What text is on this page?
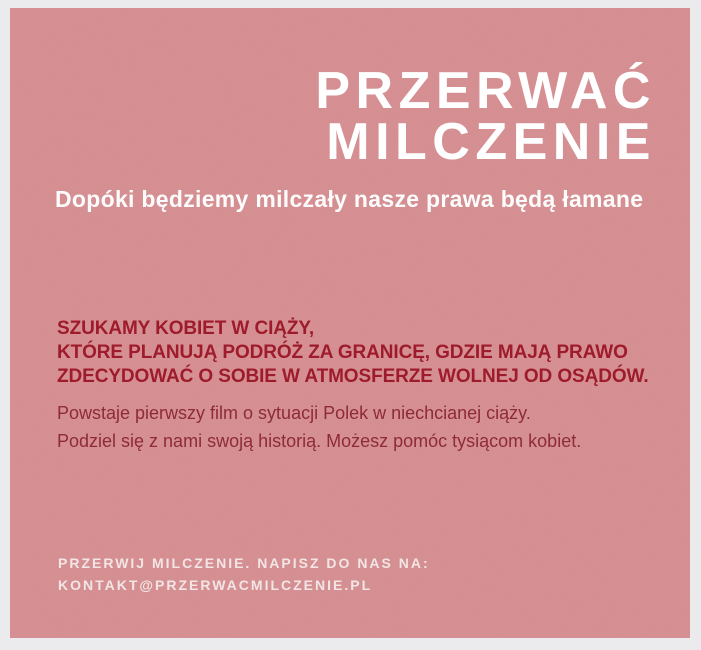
PRZERWAĆ
MILCZENIE

Dopóki będziemy milczały nasze prawa będą łamane

SZUKAMY KOBIET W CIĄŻY,

KTÓRE PLANUJĄ PODRÓŻ ZA GRANICĘ, GDZIE MAJĄ PRAWO

ZDECYDOWAĆ O SOBIE W ATMOSFERZE WOLNEJ OD OSĄDÓW.

Powstaje pierwszy film o sytuacji Polek w niechcianej ciąży.

Podziel się z nami swoją historią. Możesz pomóc tysiącom kobiet.

PRZERWIJ MILCZENIE. NAPISZ DO NAS NA:

KONTAKT@PRZERWACMILCZENIE.PL
